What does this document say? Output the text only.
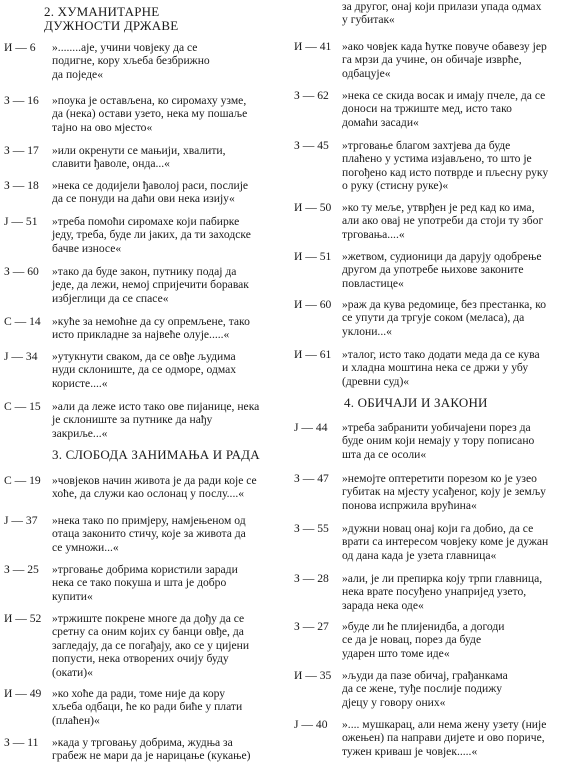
2. ХУМАНИТАРНЕ
ДУЖНОСТИ ДРЖАВЕ
И — 6 »........аје, учини човјеку да се
подигне, кору хљеба безбрижно
да поједе«
З — 16 »поука је остављена, ко сиромаху узме,
да (нека) остави узето, нека му пошаље
тајно на ово мјесто«
З — 17 »или окренути се мањији, хвалити,
славити ђаволе, онда...«
З — 18 »нека се додијели ђаволој раси, послије
да се понуди на даћи ови нека изију«
J — 51 »треба помоћи сиромахе који пабирке
једу, треба, буде ли јаких, да ти заходске
бачве износе«
З — 60 »тако да буде закон, путнику подај да
једе, да лежи, немој спријечити боравак
избјеглици да се спасе«
С — 14 »куће за немоћне да су опремљене, тако
исто прикладне за највеће олује.....«
J — 34 »утукнути сваком, да се овђе људима
нуди склониште, да се одморе, одмах
користе....«
С — 15 »али да леже исто тако ове пијанице, нека
је склониште за путнике да нађу
закриље...«
3. СЛОБОДА ЗАНИМАЊА И РАДА
С — 19 »човјеков начин живота је да ради које се
хоће, да служи као ослонац у послу....«
J — 37 »нека тако по примјеру, намјењеном од
отаца законито стичу, које за живота да
се умножи...«
З — 25 »трговање добрима користили заради
нека се тако покуша и шта је добро
купити«
И — 52 »тржиште покрене многе да дођу да се
сретну са оним којих су банци овђе, да
загледају, да се погађају, ако се у цијени
попусти, нека отворених очију буду
(окати)«
И — 49 »ко хоће да ради, томе није да кору
хљеба одбаци, ће ко ради биће у плати
(плаћен)«
З — 11 »када у трговању добрима, жудња за
грабеж не мари да је нарицање (кукање)
за другог, онај који прилази упада одмах
у губитак«
И — 41 »ако човјек када ћутке повуче обавезу јер
га мрзи да учине, он обичаје изврће,
одбацује«
З — 62 »нека се скида восак и имају пчеле, да се
доноси на тржиште мед, исто тако
домаћи засади«
З — 45 »трговање благом захтјева да буде
плаћено у устима изјављено, то што је
погођено кад исто потврде и пљесну руку
о руку (стисну руке)«
И — 50 »ко ту меље, утврђен је ред кад ко има,
али ако овај не употреби да стоји ту због
трговања....«
И — 51 »жетвом, судионици да дарују одобрење
другом да употребе њихове законите
повластице«
И — 60 »раж да кува редомице, без престанка, ко
се упути да тргује соком (меласа), да
уклони...«
И — 61 »талог, исто тако додати меда да се кува
и хладна моштина нека се држи у убу
(древни суд)«
4. ОБИЧАЈИ И ЗАКОНИ
J — 44 »треба забранити уобичајени порез да
буде оним који немају у тору пописано
шта да се осоли«
З — 47 »немојте оптеретити порезом ко је узео
губитак на мјесту усађеног, коју је земљу
понова испржила врућина«
З — 55 »дужни новац онај који га добио, да се
врати са интересом човјеку коме је дужан
од дана када је узета главница«
З — 28 »али, је ли препирка коју трпи главница,
нека врате посуђено унапријед узето,
зарада нека оде«
З — 27 »буде ли ће плијенидба, а догоди
се да је новац, порез да буде
ударен што томе иде«
И — 35 »људи да пазе обичај, грађанкама
да се жене, туђе послије подижу
дјецу у говору оних«
J — 40 ».... мушкарац, али нема жену узету (није
ожењен) па направи дијете и ово поричe,
тужен криваш је човјек.....«
